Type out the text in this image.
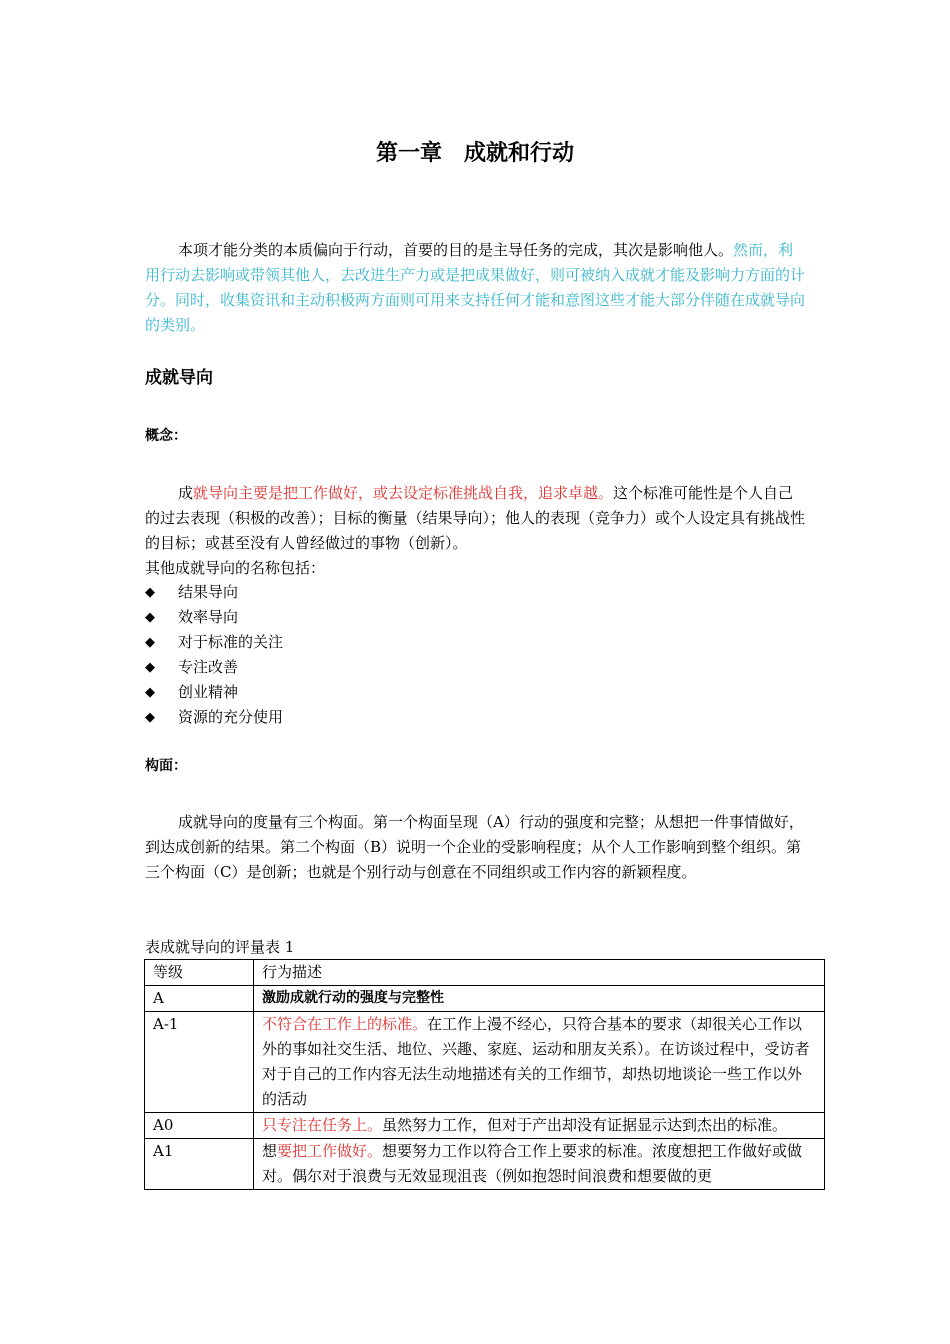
第一章　成就和行动

本项才能分类的本质偏向于行动，首要的目的是主导任务的完成，其次是影响他人。然而，利用行动去影响或带领其他人，去改进生产力或是把成果做好，则可被纳入成就才能及影响力方面的计分。同时，收集资讯和主动积极两方面则可用来支持任何才能和意图这些才能大部分伴随在成就导向的类别。

成就导向
概念：

成就导向主要是把工作做好，或去设定标准挑战自我，追求卓越。这个标准可能性是个人自己的过去表现（积极的改善）；目标的衡量（结果导向）；他人的表现（竞争力）或个人设定具有挑战性的目标；或甚至没有人曾经做过的事物（创新）。

其他成就导向的名称包括：
◆	结果导向
◆	效率导向
◆	对于标准的关注
◆	专注改善
◆	创业精神
◆	资源的充分使用
构面：

成就导向的度量有三个构面。第一个构面呈现（A）行动的强度和完整；从想把一件事情做好，到达成创新的结果。第二个构面（B）说明一个企业的受影响程度；从个人工作影响到整个组织。第三个构面（C）是创新；也就是个别行动与创意在不同组织或工作内容的新颖程度。

表成就导向的评量表 1
等级	行为描述
A	激励成就行动的强度与完整性
A-1	不符合在工作上的标准。在工作上漫不经心，只符合基本的要求（却很关心工作以外的事如社交生活、地位、兴趣、家庭、运动和朋友关系）。在访谈过程中，受访者对于自己的工作内容无法生动地描述有关的工作细节，却热切地谈论一些工作以外的活动
A0	只专注在任务上。虽然努力工作，但对于产出却没有证据显示达到杰出的标准。
A1	想要把工作做好。想要努力工作以符合工作上要求的标准。浓度想把工作做好或做对。偶尔对于浪费与无效显现沮丧（例如抱怨时间浪费和想要做的更
